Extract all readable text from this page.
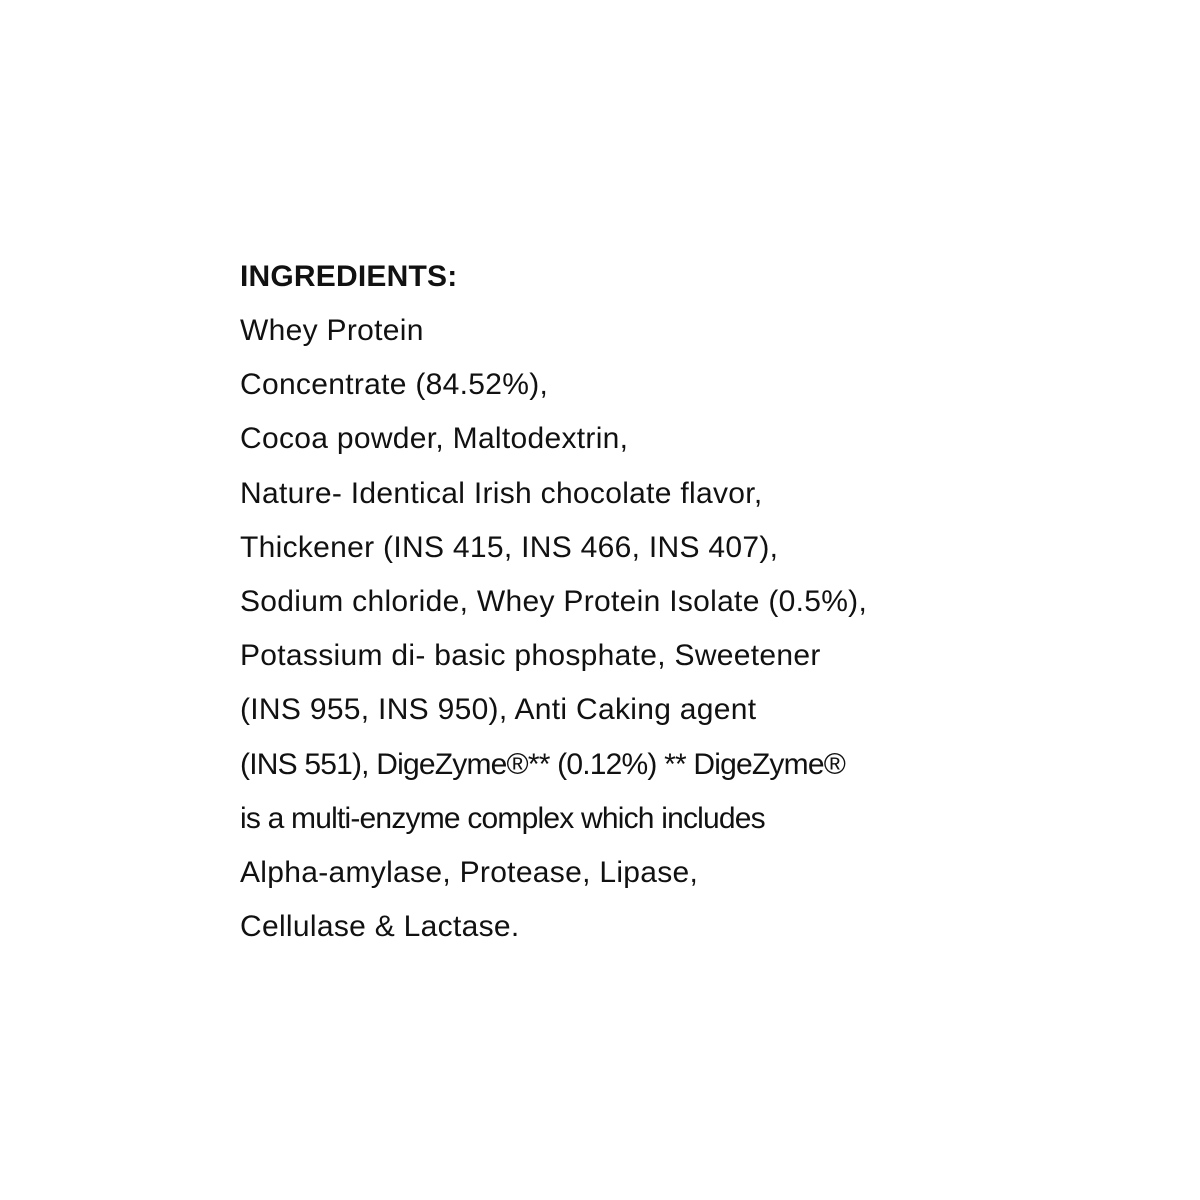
INGREDIENTS:
Whey Protein
Concentrate (84.52%),
Cocoa powder, Maltodextrin,
Nature- Identical Irish chocolate flavor,
Thickener (INS 415, INS 466, INS 407),
Sodium chloride, Whey Protein Isolate (0.5%),
Potassium di- basic phosphate, Sweetener
(INS 955, INS 950), Anti Caking agent
(INS 551), DigeZyme®** (0.12%) ** DigeZyme®
is a multi-enzyme complex which includes
Alpha-amylase, Protease, Lipase,
Cellulase & Lactase.
